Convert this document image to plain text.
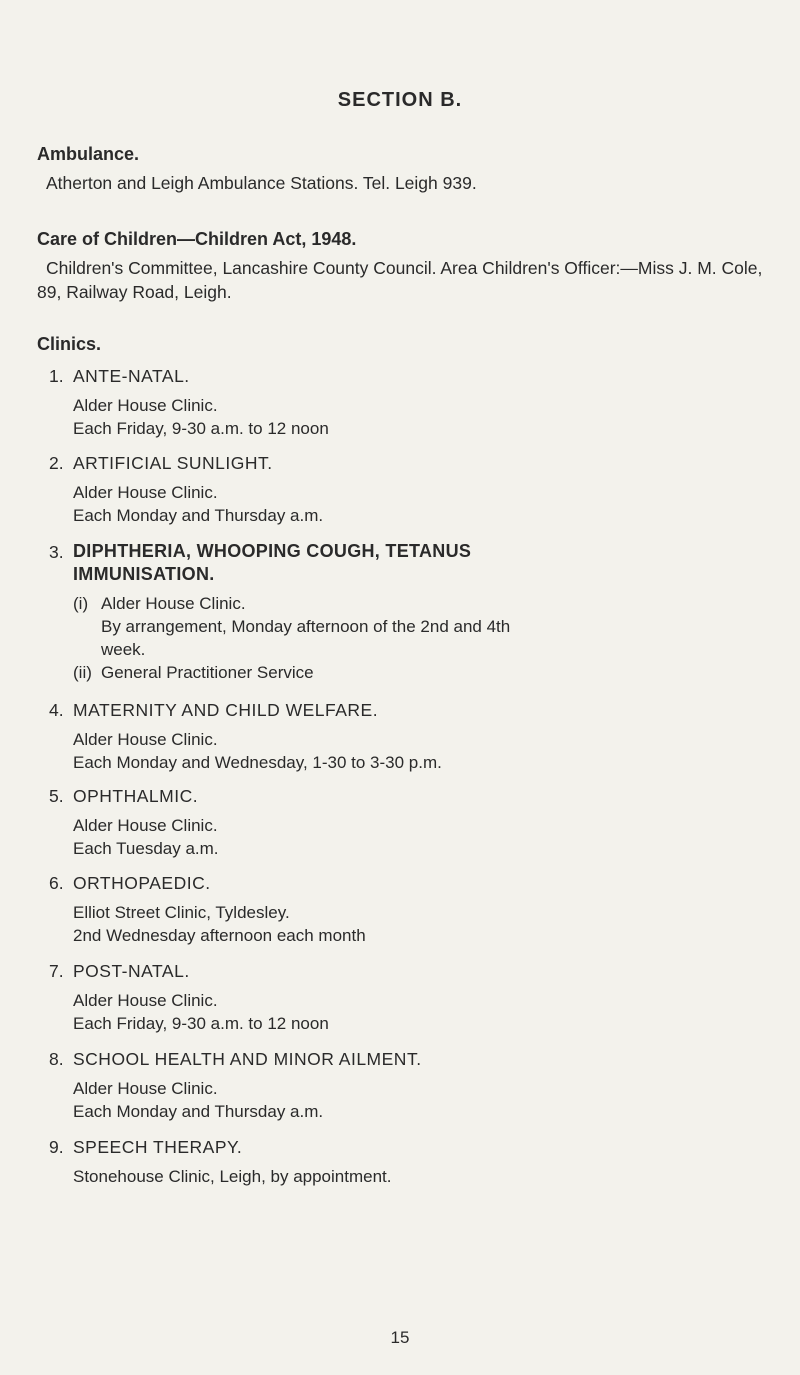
SECTION B.
Ambulance.
Atherton and Leigh Ambulance Stations. Tel. Leigh 939.
Care of Children—Children Act, 1948.
Children's Committee, Lancashire County Council. Area Children's Officer:—Miss J. M. Cole, 89, Railway Road, Leigh.
Clinics.
1. ANTE-NATAL.
Alder House Clinic.
Each Friday, 9-30 a.m. to 12 noon
2. ARTIFICIAL SUNLIGHT.
Alder House Clinic.
Each Monday and Thursday a.m.
3. DIPHTHERIA, WHOOPING COUGH, TETANUS
IMMUNISATION.
(i) Alder House Clinic.
By arrangement, Monday afternoon of the 2nd and 4th
week.
(ii) General Practitioner Service
4. MATERNITY AND CHILD WELFARE.
Alder House Clinic.
Each Monday and Wednesday, 1-30 to 3-30 p.m.
5. OPHTHALMIC.
Alder House Clinic.
Each Tuesday a.m.
6. ORTHOPAEDIC.
Elliot Street Clinic, Tyldesley.
2nd Wednesday afternoon each month
7. POST-NATAL.
Alder House Clinic.
Each Friday, 9-30 a.m. to 12 noon
8. SCHOOL HEALTH AND MINOR AILMENT.
Alder House Clinic.
Each Monday and Thursday a.m.
9. SPEECH THERAPY.
Stonehouse Clinic, Leigh, by appointment.
15
